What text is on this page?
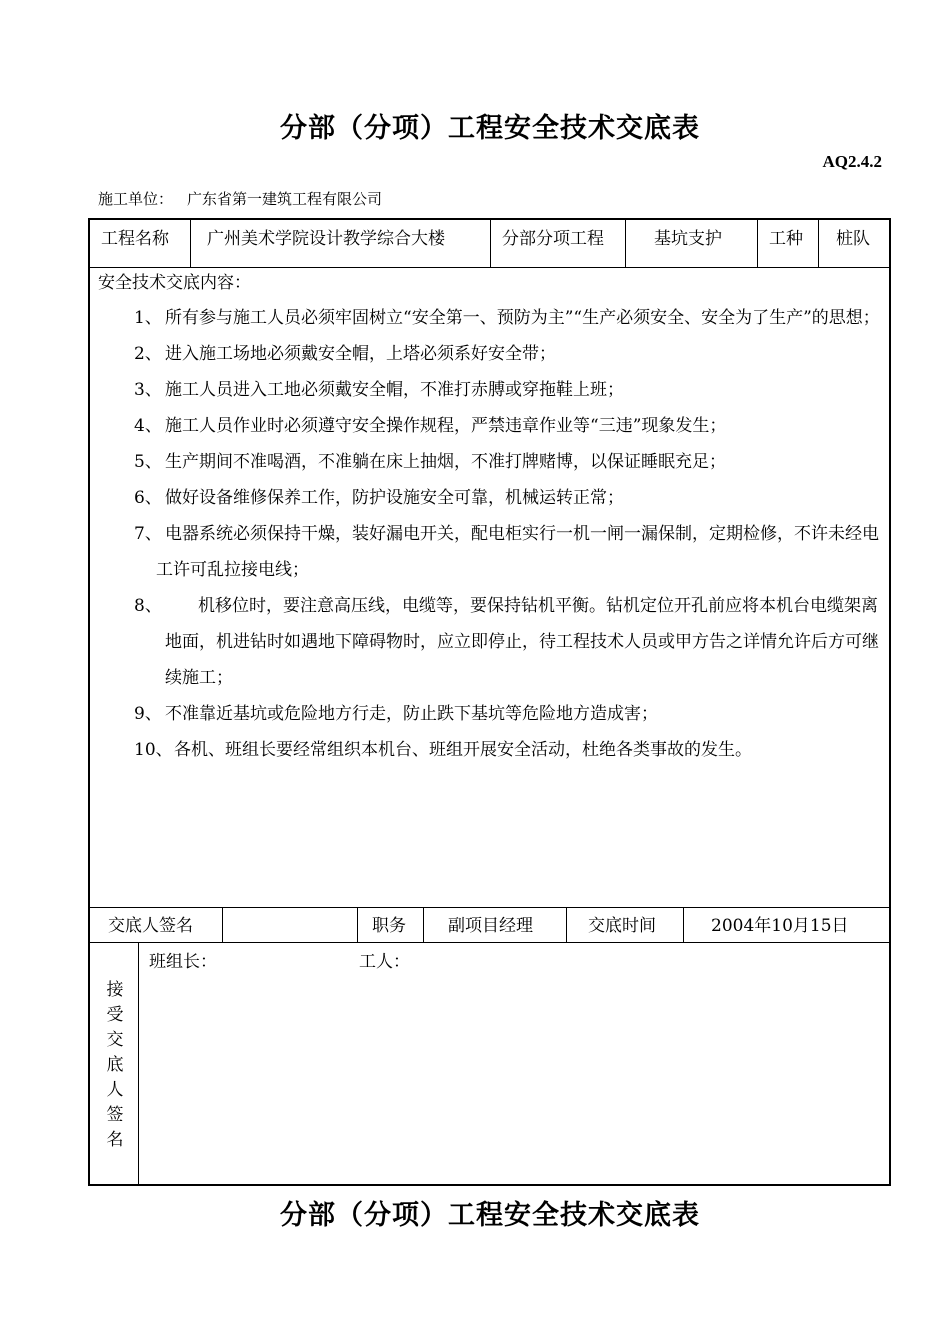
分部（分项）工程安全技术交底表
AQ2.4.2
施工单位： 广东省第一建筑工程有限公司
工程名称 广州美术学院设计教学综合大楼	分部分项工程	基坑支护	工种 桩队
安全技术交底内容：
1、 所有参与施工人员必须牢固树立“安全第一、预防为主”“生产必须安全、安全为了生产”的思想；
2、 进入施工场地必须戴安全帽，上塔必须系好安全带；
3、 施工人员进入工地必须戴安全帽，不准打赤膊或穿拖鞋上班；
4、 施工人员作业时必须遵守安全操作规程，严禁违章作业等“三违”现象发生；
5、 生产期间不准喝酒，不准躺在床上抽烟，不准打牌赌博，以保证睡眠充足；
6、 做好设备维修保养工作，防护设施安全可靠，机械运转正常；
7、 电器系统必须保持干燥，装好漏电开关，配电柜实行一机一闸一漏保制，定期检修，不许未经电工许可乱拉接电线；
8、	机移位时，要注意高压线，电缆等，要保持钻机平衡。钻机定位开孔前应将本机台电缆架离地面，机进钻时如遇地下障碍物时，应立即停止，待工程技术人员或甲方告之详情允许后方可继续施工；
9、 不准靠近基坑或危险地方行走，防止跌下基坑等危险地方造成害；
10、 各机、班组长要经常组织本机台、班组开展安全活动，杜绝各类事故的发生。
交底人签名	职务 副项目经理	交底时间	2004年10月15日
接
受
交
底
人
签
名
班组长：	工人：
分部（分项）工程安全技术交底表
